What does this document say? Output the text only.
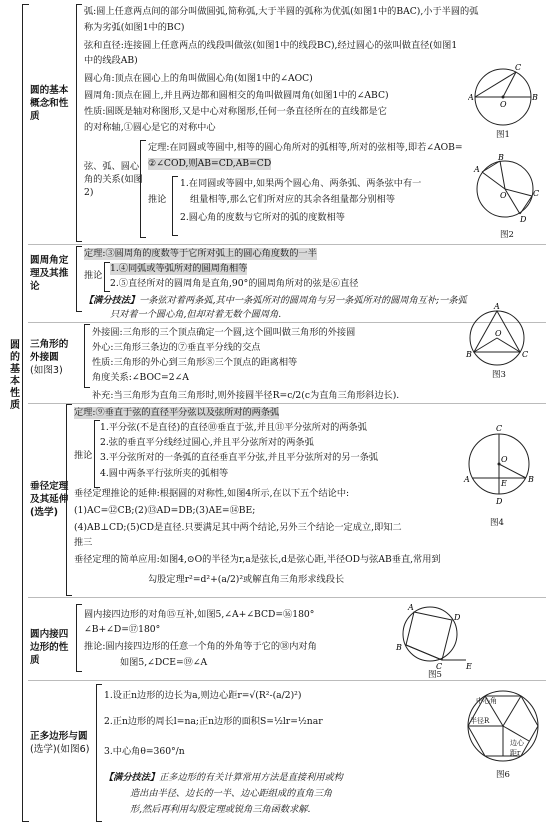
圆
的
基
本
性
质
圆的基本概念和性质
弧:圆上任意两点间的部分叫做圆弧,简称弧,大于半圆的弧称为优弧(如图1中的BAC),小于半圆的弧
称为劣弧(如图1中的BC)
弦和直径:连接圆上任意两点的线段叫做弦(如图1中的线段BC),经过圆心的弦叫做直径(如图1
中的线段AB)
圆心角:顶点在圆心上的角叫做圆心角(如图1中的∠AOC)
圆周角:顶点在圆上,并且两边都和圆相交的角叫做圆周角(如图1中的∠ABC)
性质:圆既是轴对称图形,又是中心对称图形,任何一条直径所在的直线都是它
的对称轴,①圆心是它的对称中心
弦、弧、圆心角的关系(如图2)
定理:在同圆或等圆中,相等的圆心角所对的弧相等,所对的弦相等,即若∠AOB=
②∠COD,则AB=CD,AB=CD
推论
1.在同圆或等圆中,如果两个圆心角、两条弧、两条弦中有一
组量相等,那么它们所对应的其余各组量都分别相等
2.圆心角的度数与它所对的弧的度数相等
A	B
C
O
图1
A
B
C
D
O
图2
圆周角定理及其推论
定理:③圆周角的度数等于它所对弧上的圆心角度数的一半
推论
1.④同弧或等弧所对的圆周角相等
2.⑤直径所对的圆周角是直角,90°的圆周角所对的弦是⑥直径
【满分技法】一条弦对着两条弧,其中一条弧所对的圆周角与另一条弧所对的圆周角互补;一条弧
只对着一个圆心角,但却对着无数个圆周角.
三角形的外接圆
(如图3)
外接圆:三角形的三个顶点确定一个圆,这个圆叫做三角形的外接圆
外心:三角形三条边的⑦垂直平分线的交点
性质:三角形的外心到三角形⑧三个顶点的距离相等
角度关系:∠BOC=2∠A
补充:当三角形为直角三角形时,则外接圆半径R=c/2(c为直角三角形斜边长).
A
B	C
O
图3
垂径定理及其延伸(选学)
定理:⑨垂直于弦的直径平分弦以及弦所对的两条弧
推论
1.平分弦(不是直径)的直径⑩垂直于弦,并且⑪平分弦所对的两条弧
2.弦的垂直平分线经过圆心,并且平分弦所对的两条弧
3.平分弦所对的一条弧的直径垂直平分弦,并且平分弦所对的另一条弧
4.圆中两条平行弦所夹的弧相等
垂径定理推论的延伸:根据圆的对称性,如图4所示,在以下五个结论中:
(1)AC=⑫CB;(2)⑬AD=DB;(3)AE=⑭BE;
(4)AB⊥CD;(5)CD是直径.只要满足其中两个结论,另外三个结论一定成立,即知二
推三
垂径定理的简单应用:如图4,⊙O的半径为r,a是弦长,d是弦心距,半径OD与弦AB垂直,常用到
勾股定理r²=d²+(a/2)²或解直角三角形求线段长
C
A	B
E
D
O
图4
圆内接四边形的性质
圆内接四边形的对角⑮互补,如图5,∠A+∠BCD=⑯180°
∠B+∠D=⑰180°
推论:圆内接四边形的任意一个角的外角等于它的⑱内对角
如图5,∠DCE=⑲∠A
A
B
C
D
E
图5
正多边形与圆
(选学)(如图6)
1.设正n边形的边长为a,则边心距r=√(R²-(a/2)²)
2.正n边形的周长l=na;正n边形的面积S=½lr=½nar
3.中心角θ=360°/n
【满分技法】正多边形的有关计算常用方法是直接利用或构
造出由半径、边长的一半、边心距组成的直角三角
形,然后再利用勾股定理或锐角三角函数求解.
中心角
半径R
边心距r
图6
